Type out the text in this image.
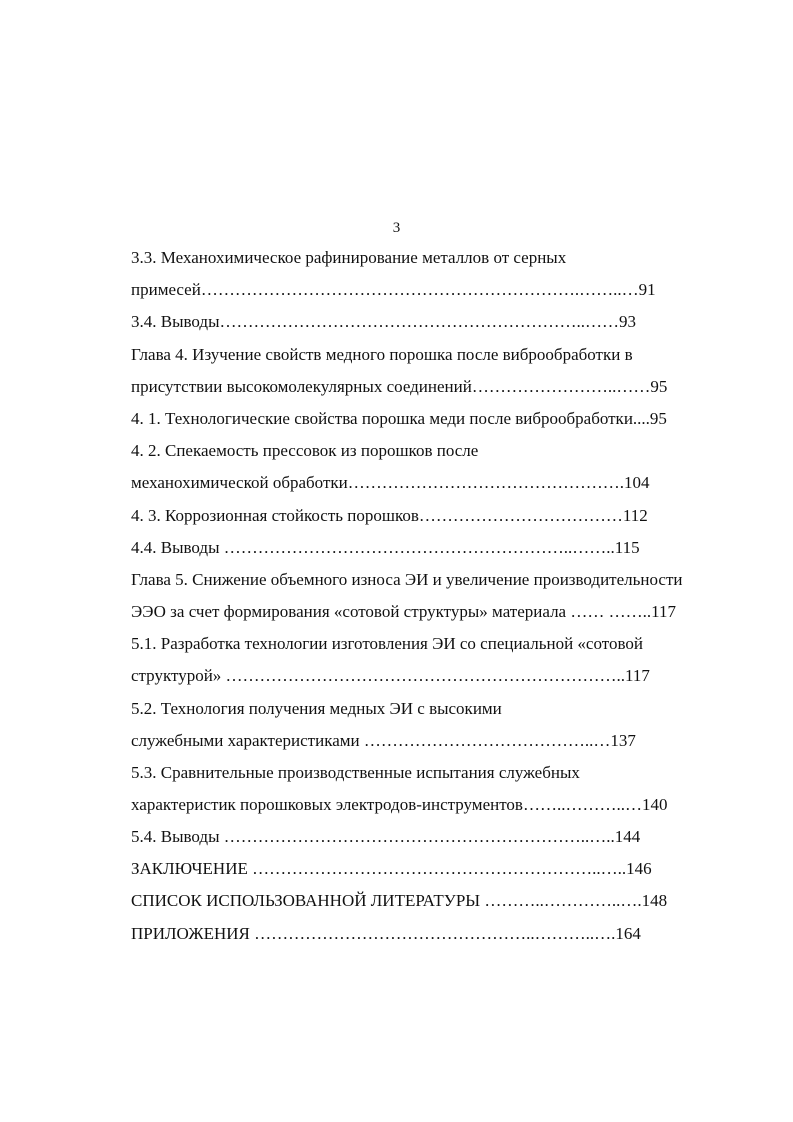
3

3.3. Механохимическое рафинирование металлов от серных

примесей………………………………………………………….……..…91

3.4. Выводы………………………………………………………..……93

Глава 4. Изучение свойств медного порошка после виброобработки в

присутствии высокомолекулярных соединений……………………..……95

4. 1. Технологические свойства порошка меди после виброобработки....95

4. 2. Спекаемость прессовок из порошков после

механохимической обработки………………………………………….104

4. 3. Коррозионная стойкость порошков………………………………112

4.4. Выводы ……………………………………………………..……..115

Глава 5. Снижение объемного износа ЭИ и увеличение производительности

ЭЭО за счет формирования «сотовой структуры» материала …… ……..117

5.1. Разработка технологии изготовления ЭИ со специальной «сотовой

структурой» ……………………………………………………………..117

5.2. Технология получения медных ЭИ с высокими

служебными характеристиками …………………………………..…137

5.3. Сравнительные производственные испытания служебных

характеристик порошковых электродов-инструментов……..………..…140

5.4. Выводы ………………………………………………………..…..144

ЗАКЛЮЧЕНИЕ ……………………………………………………..…..146

СПИСОК ИСПОЛЬЗОВАННОЙ ЛИТЕРАТУРЫ ………..…………..….148

ПРИЛОЖЕНИЯ …………………………………………..………..….164
